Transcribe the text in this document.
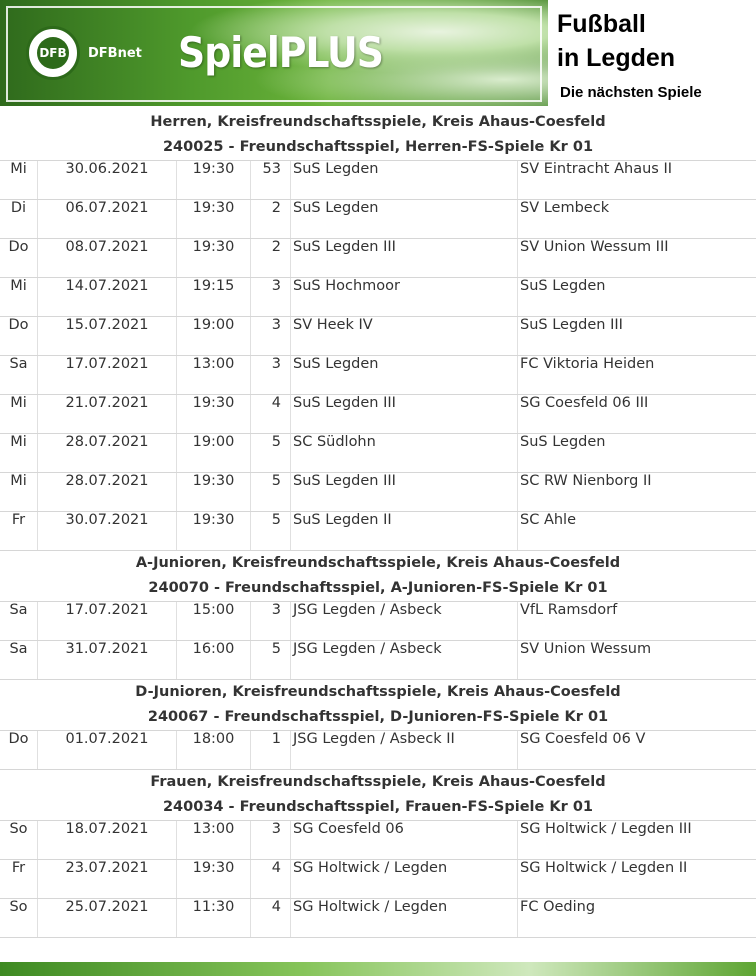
DFB DFBnet SpielPLUS
Fußball
in Legden
Die nächsten Spiele
Herren, Kreisfreundschaftsspiele, Kreis Ahaus-Coesfeld
240025 - Freundschaftsspiel, Herren-FS-Spiele Kr 01
Mi	30.06.2021	19:30	53 SuS Legden	SV Eintracht Ahaus II
Di	06.07.2021	19:30	2 SuS Legden	SV Lembeck
Do	08.07.2021	19:30	2 SuS Legden III	SV Union Wessum III
Mi	14.07.2021	19:15	3 SuS Hochmoor	SuS Legden
Do	15.07.2021	19:00	3 SV Heek IV	SuS Legden III
Sa	17.07.2021	13:00	3 SuS Legden	FC Viktoria Heiden
Mi	21.07.2021	19:30	4 SuS Legden III	SG Coesfeld 06 III
Mi	28.07.2021	19:00	5 SC Südlohn	SuS Legden
Mi	28.07.2021	19:30	5 SuS Legden III	SC RW Nienborg II
Fr	30.07.2021	19:30	5 SuS Legden II	SC Ahle
A-Junioren, Kreisfreundschaftsspiele, Kreis Ahaus-Coesfeld
240070 - Freundschaftsspiel, A-Junioren-FS-Spiele Kr 01
Sa	17.07.2021	15:00	3 JSG Legden / Asbeck	VfL Ramsdorf
Sa	31.07.2021	16:00	5 JSG Legden / Asbeck	SV Union Wessum
D-Junioren, Kreisfreundschaftsspiele, Kreis Ahaus-Coesfeld
240067 - Freundschaftsspiel, D-Junioren-FS-Spiele Kr 01
Do	01.07.2021	18:00	1 JSG Legden / Asbeck II	SG Coesfeld 06 V
Frauen, Kreisfreundschaftsspiele, Kreis Ahaus-Coesfeld
240034 - Freundschaftsspiel, Frauen-FS-Spiele Kr 01
So	18.07.2021	13:00	3 SG Coesfeld 06	SG Holtwick / Legden III
Fr	23.07.2021	19:30	4 SG Holtwick / Legden	SG Holtwick / Legden II
So	25.07.2021	11:30	4 SG Holtwick / Legden	FC Oeding
